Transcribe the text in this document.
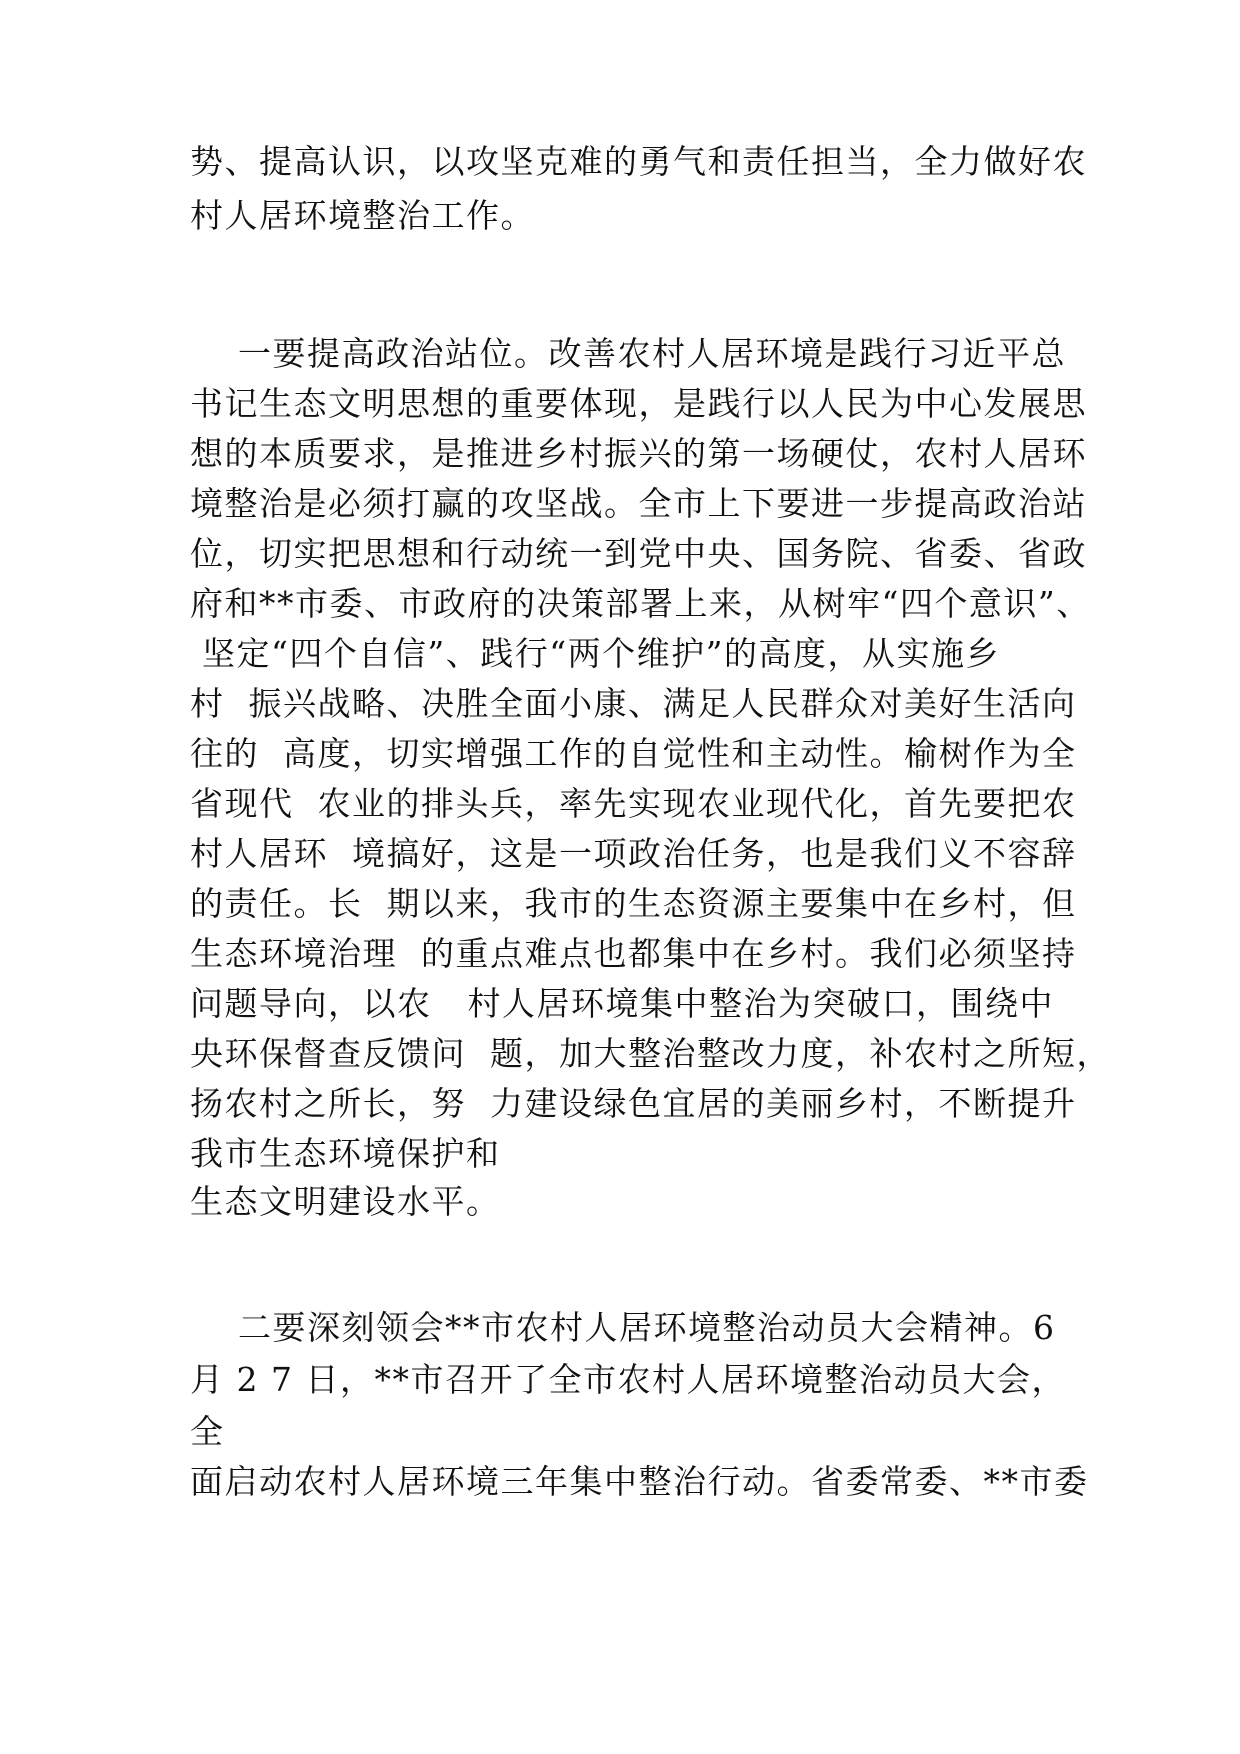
势、提高认识，以攻坚克难的勇气和责任担当，全力做好农
村人居环境整治工作。
一要提高政治站位。改善农村人居环境是践行习近平总
书记生态文明思想的重要体现，是践行以人民为中心发展思
想的本质要求，是推进乡村振兴的第一场硬仗，农村人居环
境整治是必须打赢的攻坚战。全市上下要进一步提高政治站
位，切实把思想和行动统一到党中央、国务院、省委、省政
府和**市委、市政府的决策部署上来，从树牢“四个意识”、
坚定“四个自信”、践行“两个维护”的高度，从实施乡
村  振兴战略、决胜全面小康、满足人民群众对美好生活向
往的  高度，切实增强工作的自觉性和主动性。榆树作为全
省现代  农业的排头兵，率先实现农业现代化，首先要把农
村人居环  境搞好，这是一项政治任务，也是我们义不容辞
的责任。长  期以来，我市的生态资源主要集中在乡村，但
生态环境治理  的重点难点也都集中在乡村。我们必须坚持
问题导向，以农   村人居环境集中整治为突破口，围绕中
央环保督查反馈问  题，加大整治整改力度，补农村之所短，
扬农村之所长，努  力建设绿色宜居的美丽乡村，不断提升
我市生态环境保护和
生态文明建设水平。
二要深刻领会**市农村人居环境整治动员大会精神。6
月 2 7 日，**市召开了全市农村人居环境整治动员大会，
全
面启动农村人居环境三年集中整治行动。省委常委、**市委
